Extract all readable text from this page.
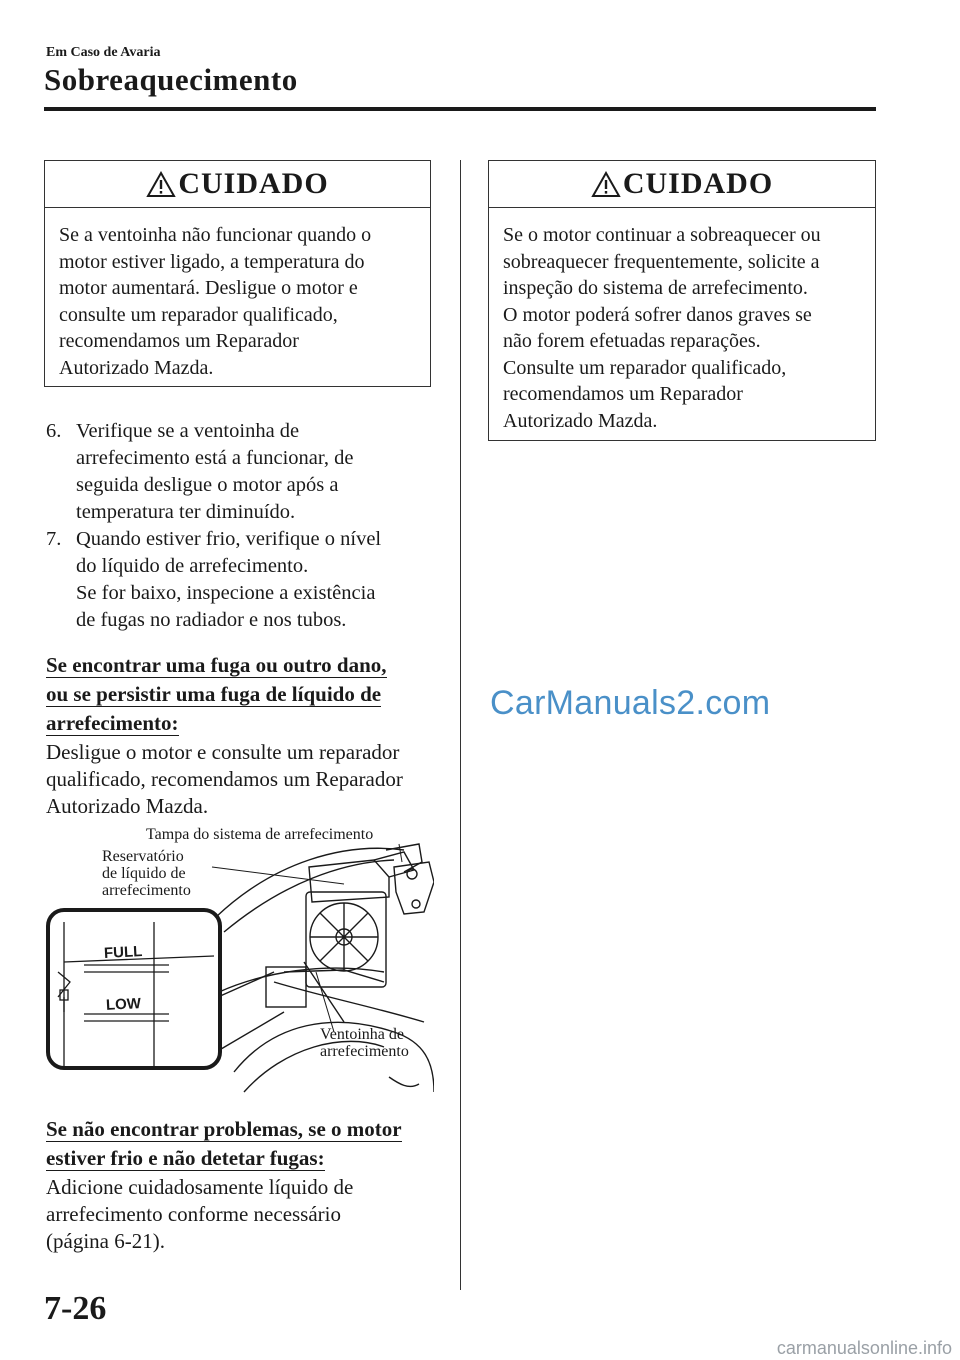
Em Caso de Avaria
Sobreaquecimento
CUIDADO
Se a ventoinha não funcionar quando o
motor estiver ligado, a temperatura do
motor aumentará. Desligue o motor e
consulte um reparador qualificado,
recomendamos um Reparador
Autorizado Mazda.
CUIDADO
Se o motor continuar a sobreaquecer ou
sobreaquecer frequentemente, solicite a
inspeção do sistema de arrefecimento.
O motor poderá sofrer danos graves se
não forem efetuadas reparações.
Consulte um reparador qualificado,
recomendamos um Reparador
Autorizado Mazda.
6. Verifique se a ventoinha de
arrefecimento está a funcionar, de
seguida desligue o motor após a
temperatura ter diminuído.
7. Quando estiver frio, verifique o nível
do líquido de arrefecimento.
Se for baixo, inspecione a existência
de fugas no radiador e nos tubos.
Se encontrar uma fuga ou outro dano,
ou se persistir uma fuga de líquido de
arrefecimento:
Desligue o motor e consulte um reparador
qualificado, recomendamos um Reparador
Autorizado Mazda.
Tampa do sistema de arrefecimento
Reservatório
de líquido de
arrefecimento
Ventoinha de
arrefecimento
FULL
LOW
Se não encontrar problemas, se o motor
estiver frio e não detetar fugas:
Adicione cuidadosamente líquido de
arrefecimento conforme necessário
(página 6-21).
CarManuals2.com
7-26
carmanualsonline.info
